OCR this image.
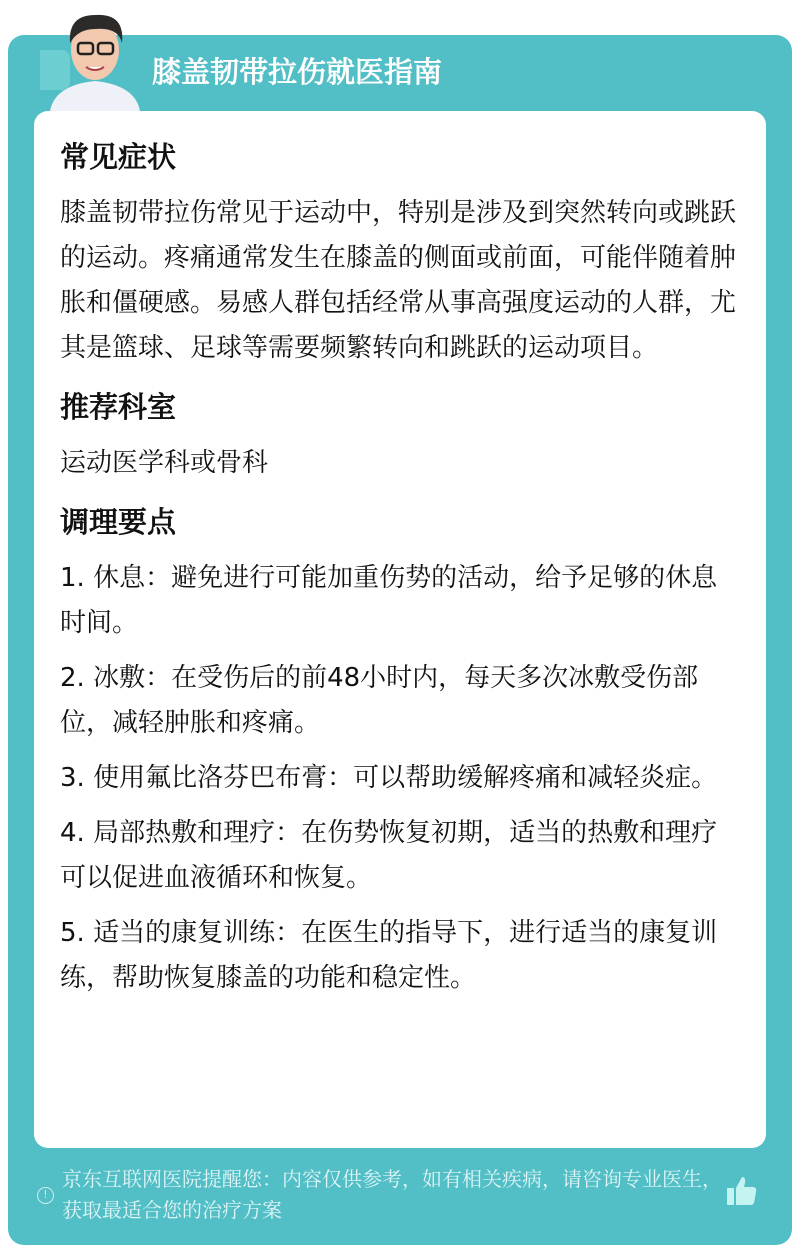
膝盖韧带拉伤就医指南
常见症状

膝盖韧带拉伤常见于运动中，特别是涉及到突然转向或跳跃的运动。疼痛通常发生在膝盖的侧面或前面，可能伴随着肿胀和僵硬感。易感人群包括经常从事高强度运动的人群，尤其是篮球、足球等需要频繁转向和跳跃的运动项目。

推荐科室

运动医学科或骨科

调理要点
1. 休息：避免进行可能加重伤势的活动，给予足够的休息时间。
2. 冰敷：在受伤后的前48小时内，每天多次冰敷受伤部位，减轻肿胀和疼痛。
3. 使用氟比洛芬巴布膏：可以帮助缓解疼痛和减轻炎症。
4. 局部热敷和理疗：在伤势恢复初期，适当的热敷和理疗可以促进血液循环和恢复。
5. 适当的康复训练：在医生的指导下，进行适当的康复训练，帮助恢复膝盖的功能和稳定性。
!
京东互联网医院提醒您：内容仅供参考，如有相关疾病，请咨询专业医生，获取最适合您的治疗方案
